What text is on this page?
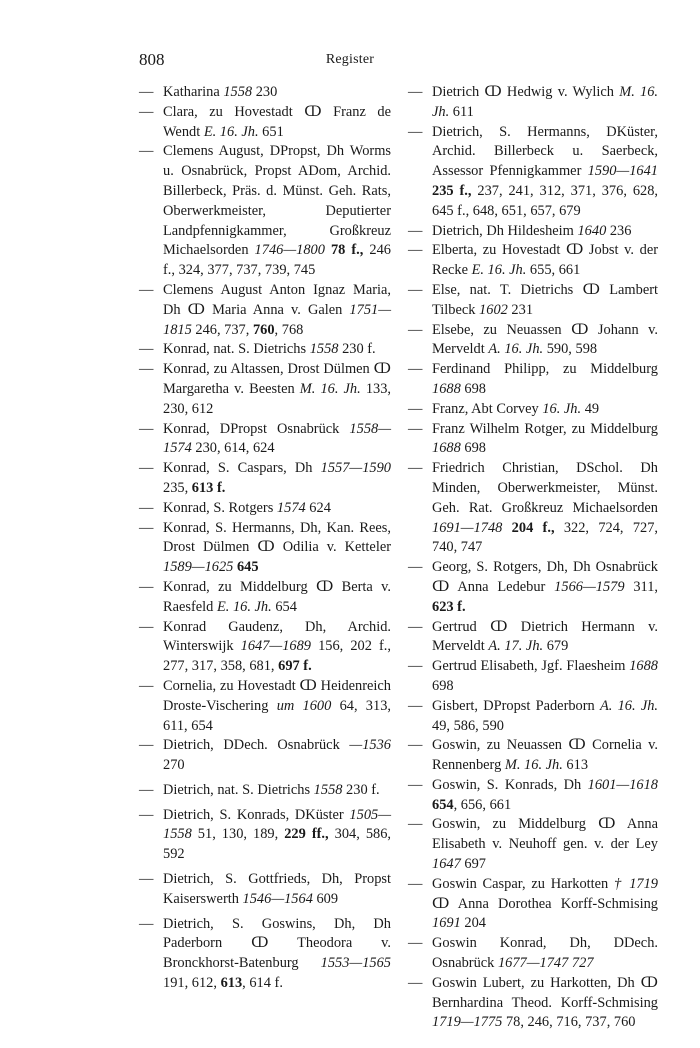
808	Register
— Katharina 1558 230
— Clara, zu Hovestadt ↀ Franz de Wendt E. 16. Jh. 651
— Clemens August, DPropst, Dh Worms u. Osnabrück, Propst ADom, Archid. Billerbeck, Präs. d. Münst. Geh. Rats, Oberwerkmeister, Deputierter Landpfennigkammer, Großkreuz Michaelsorden 1746—1800 78 f., 246 f., 324, 377, 737, 739, 745
— Clemens August Anton Ignaz Maria, Dh ↀ Maria Anna v. Galen 1751—1815 246, 737, 760, 768
— Konrad, nat. S. Dietrichs 1558 230 f.
— Konrad, zu Altassen, Drost Dülmen ↀ Margaretha v. Beesten M. 16. Jh. 133, 230, 612
— Konrad, DPropst Osnabrück 1558—1574 230, 614, 624
— Konrad, S. Caspars, Dh 1557—1590 235, 613 f.
— Konrad, S. Rotgers 1574 624
— Konrad, S. Hermanns, Dh, Kan. Rees, Drost Dülmen ↀ Odilia v. Ketteler 1589—1625 645
— Konrad, zu Middelburg ↀ Berta v. Raesfeld E. 16. Jh. 654
— Konrad Gaudenz, Dh, Archid. Winterswijk 1647—1689 156, 202 f., 277, 317, 358, 681, 697 f.
— Cornelia, zu Hovestadt ↀ Heidenreich Droste-Vischering um 1600 64, 313, 611, 654
— Dietrich, DDech. Osnabrück —1536 270
— Dietrich, nat. S. Dietrichs 1558 230 f.
— Dietrich, S. Konrads, DKüster 1505—1558 51, 130, 189, 229 ff., 304, 586, 592
— Dietrich, S. Gottfrieds, Dh, Propst Kaiserswerth 1546—1564 609
— Dietrich, S. Goswins, Dh, Dh Paderborn ↀ Theodora v. Bronckhorst-Batenburg 1553—1565 191, 612, 613, 614 f.
— Dietrich ↀ Hedwig v. Wylich M. 16. Jh. 611
— Dietrich, S. Hermanns, DKüster, Archid. Billerbeck u. Saerbeck, Assessor Pfennigkammer 1590—1641 235 f., 237, 241, 312, 371, 376, 628, 645 f., 648, 651, 657, 679
— Dietrich, Dh Hildesheim 1640 236
— Elberta, zu Hovestadt ↀ Jobst v. der Recke E. 16. Jh. 655, 661
— Else, nat. T. Dietrichs ↀ Lambert Tilbeck 1602 231
— Elsebe, zu Neuassen ↀ Johann v. Merveldt A. 16. Jh. 590, 598
— Ferdinand Philipp, zu Middelburg 1688 698
— Franz, Abt Corvey 16. Jh. 49
— Franz Wilhelm Rotger, zu Middelburg 1688 698
— Friedrich Christian, DSchol. Dh Minden, Oberwerkmeister, Münst. Geh. Rat. Großkreuz Michaelsorden 1691—1748 204 f., 322, 724, 727, 740, 747
— Georg, S. Rotgers, Dh, Dh Osnabrück ↀ Anna Ledebur 1566—1579 311, 623 f.
— Gertrud ↀ Dietrich Hermann v. Merveldt A. 17. Jh. 679
— Gertrud Elisabeth, Jgf. Flaesheim 1688 698
— Gisbert, DPropst Paderborn A. 16. Jh. 49, 586, 590
— Goswin, zu Neuassen ↀ Cornelia v. Rennenberg M. 16. Jh. 613
— Goswin, S. Konrads, Dh 1601—1618 654, 656, 661
— Goswin, zu Middelburg ↀ Anna Elisabeth v. Neuhoff gen. v. der Ley 1647 697
— Goswin Caspar, zu Harkotten † 1719 ↀ Anna Dorothea Korff-Schmising 1691 204
— Goswin Konrad, Dh, DDech. Osnabrück 1677—1747 727
— Goswin Lubert, zu Harkotten, Dh ↀ Bernhardina Theod. Korff-Schmising 1719—1775 78, 246, 716, 737, 760
